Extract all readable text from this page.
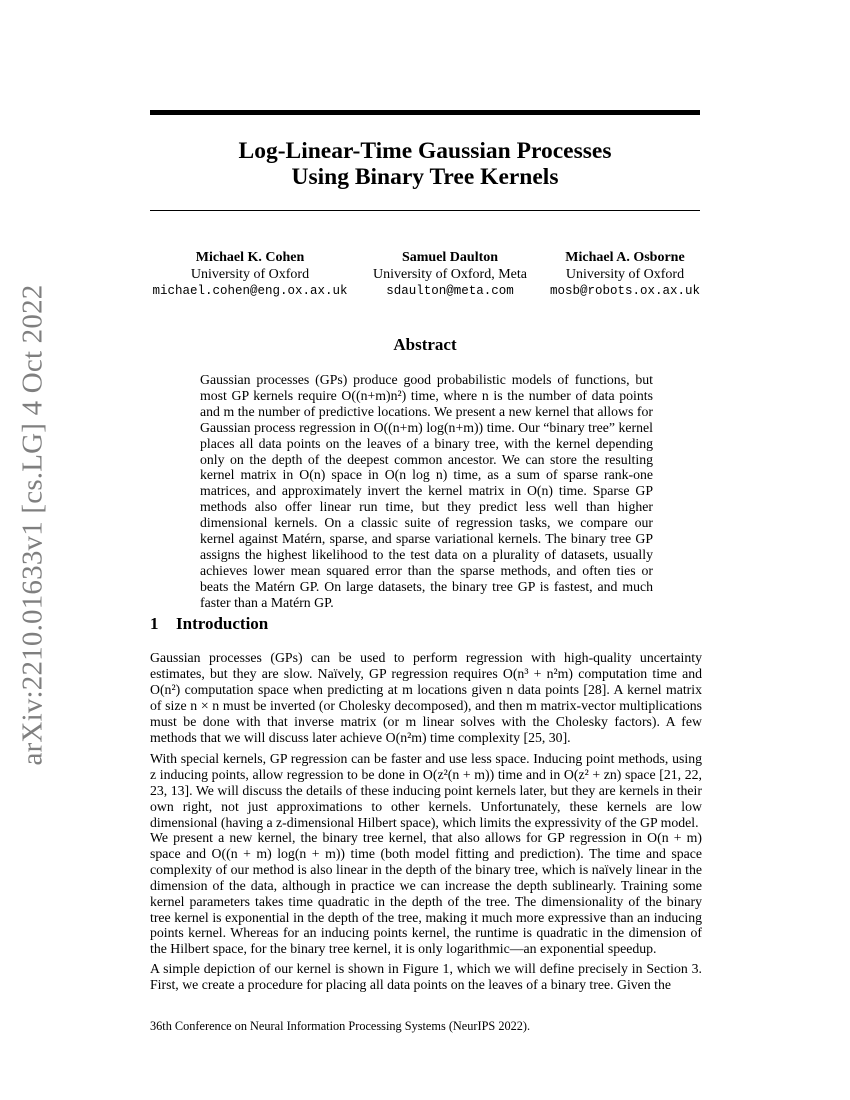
arXiv:2210.01633v1 [cs.LG] 4 Oct 2022
Log-Linear-Time Gaussian Processes
Using Binary Tree Kernels
Michael K. Cohen
University of Oxford
michael.cohen@eng.ox.ax.uk
Samuel Daulton
University of Oxford, Meta
sdaulton@meta.com
Michael A. Osborne
University of Oxford
mosb@robots.ox.ax.uk
Abstract

Gaussian processes (GPs) produce good probabilistic models of functions, but most GP kernels require O((n+m)n²) time, where n is the number of data points and m the number of predictive locations. We present a new kernel that allows for Gaussian process regression in O((n+m) log(n+m)) time. Our “binary tree” kernel places all data points on the leaves of a binary tree, with the kernel depending only on the depth of the deepest common ancestor. We can store the resulting kernel matrix in O(n) space in O(n log n) time, as a sum of sparse rank-one matrices, and approximately invert the kernel matrix in O(n) time. Sparse GP methods also offer linear run time, but they predict less well than higher dimensional kernels. On a classic suite of regression tasks, we compare our kernel against Matérn, sparse, and sparse variational kernels. The binary tree GP assigns the highest likelihood to the test data on a plurality of datasets, usually achieves lower mean squared error than the sparse methods, and often ties or beats the Matérn GP. On large datasets, the binary tree GP is fastest, and much faster than a Matérn GP.

1 Introduction

Gaussian processes (GPs) can be used to perform regression with high-quality uncertainty estimates, but they are slow. Naïvely, GP regression requires O(n³ + n²m) computation time and O(n²) computation space when predicting at m locations given n data points [28]. A kernel matrix of size n × n must be inverted (or Cholesky decomposed), and then m matrix-vector multiplications must be done with that inverse matrix (or m linear solves with the Cholesky factors). A few methods that we will discuss later achieve O(n²m) time complexity [25, 30].

With special kernels, GP regression can be faster and use less space. Inducing point methods, using z inducing points, allow regression to be done in O(z²(n + m)) time and in O(z² + zn) space [21, 22, 23, 13]. We will discuss the details of these inducing point kernels later, but they are kernels in their own right, not just approximations to other kernels. Unfortunately, these kernels are low dimensional (having a z-dimensional Hilbert space), which limits the expressivity of the GP model.

We present a new kernel, the binary tree kernel, that also allows for GP regression in O(n + m) space and O((n + m) log(n + m)) time (both model fitting and prediction). The time and space complexity of our method is also linear in the depth of the binary tree, which is naïvely linear in the dimension of the data, although in practice we can increase the depth sublinearly. Training some kernel parameters takes time quadratic in the depth of the tree. The dimensionality of the binary tree kernel is exponential in the depth of the tree, making it much more expressive than an inducing points kernel. Whereas for an inducing points kernel, the runtime is quadratic in the dimension of the Hilbert space, for the binary tree kernel, it is only logarithmic—an exponential speedup.

A simple depiction of our kernel is shown in Figure 1, which we will define precisely in Section 3. First, we create a procedure for placing all data points on the leaves of a binary tree. Given the

36th Conference on Neural Information Processing Systems (NeurIPS 2022).
